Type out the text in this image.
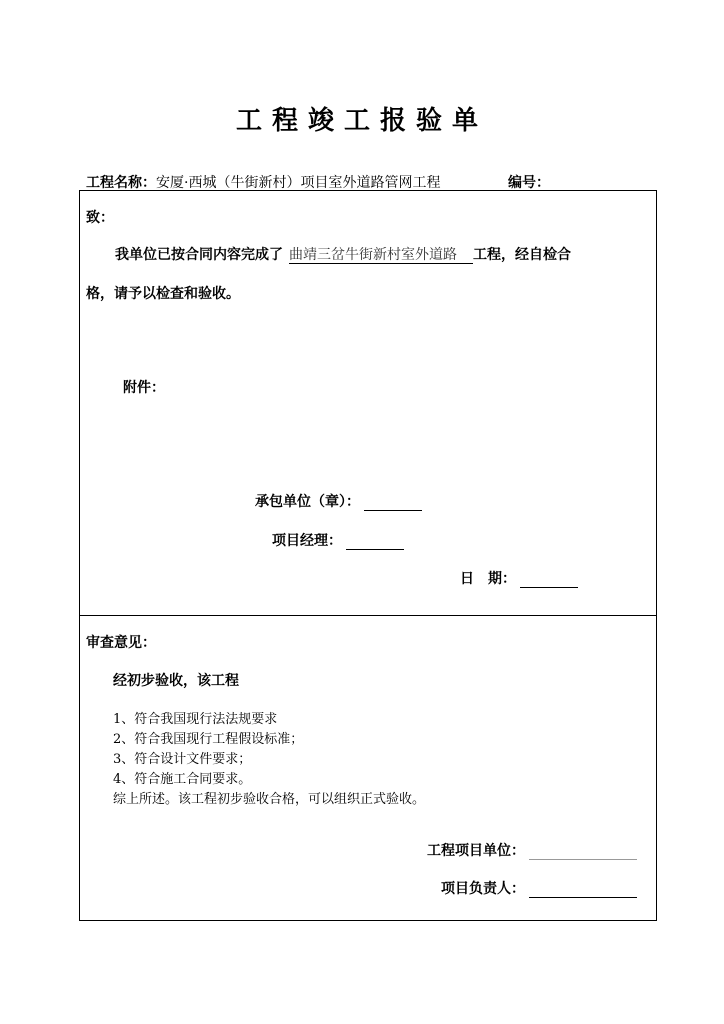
工程竣工报验单
工程名称：安厦·西城（牛街新村）项目室外道路管网工程	编号：
致：
我单位已按合同内容完成了 曲靖三岔牛街新村室外道路 工程，经自检合
格，请予以检查和验收。
附件：
承包单位（章）：
项目经理：
日　期：
审查意见：
经初步验收，该工程
1、符合我国现行法法规要求
2、符合我国现行工程假设标准；
3、符合设计文件要求；
4、符合施工合同要求。
综上所述。该工程初步验收合格，可以组织正式验收。
工程项目单位：
项目负责人：
